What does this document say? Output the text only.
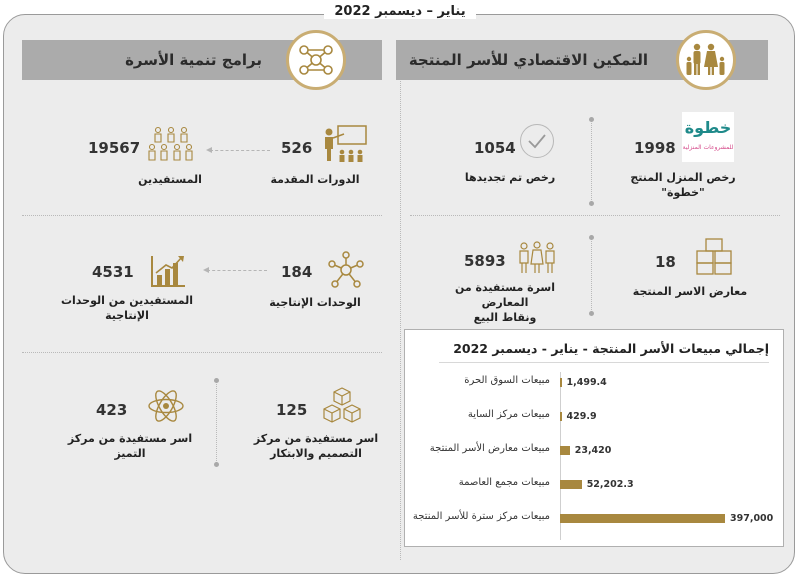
يناير – ديسمبر 2022
التمكين الاقتصادي للأسر المنتجة
برامج تنمية الأسرة
خطوة
للمشروعات المنزلية
1998
رخص المنزل المنتج "خطوة"
1054
رخص تم تجديدها
18
معارض الاسر المنتجة
5893
اسرة مستفيدة من المعارض
ونقاط البيع
526
الدورات المقدمة
19567
المستفيدين
184
الوحدات الإنتاجية
4531
المستفيدين من الوحدات
الإنتاجية
125
اسر مستفيدة من مركز
التصميم والابتكار
423
اسر مستفيدة من مركز
التميز
إجمالي مبيعات الأسر المنتجة - يناير - ديسمبر 2022
مبيعات السوق الحرة 1,499.4
مبيعات مركز الساية 429.9
مبيعات معارض الأسر المنتجة	23,420
مبيعات مجمع العاصمة	52,202.3
مبيعات مركز سترة للأسر المنتجة	397,000
